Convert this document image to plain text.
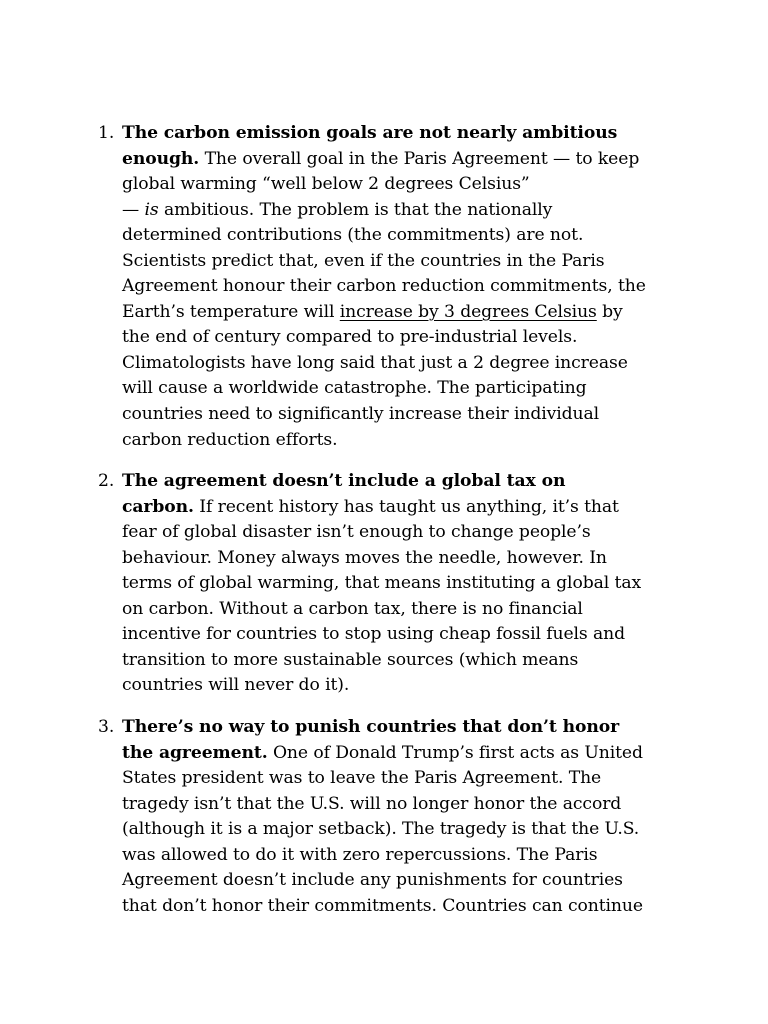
1. The carbon emission goals are not nearly ambitious
enough. The overall goal in the Paris Agreement — to keep
global warming “well below 2 degrees Celsius”
— is ambitious. The problem is that the nationally
determined contributions (the commitments) are not.
Scientists predict that, even if the countries in the Paris
Agreement honour their carbon reduction commitments, the
Earth’s temperature will increase by 3 degrees Celsius by
the end of century compared to pre-industrial levels.
Climatologists have long said that just a 2 degree increase
will cause a worldwide catastrophe. The participating
countries need to significantly increase their individual
carbon reduction efforts.
2. The agreement doesn’t include a global tax on
carbon. If recent history has taught us anything, it’s that
fear of global disaster isn’t enough to change people’s
behaviour. Money always moves the needle, however. In
terms of global warming, that means instituting a global tax
on carbon. Without a carbon tax, there is no financial
incentive for countries to stop using cheap fossil fuels and
transition to more sustainable sources (which means
countries will never do it).
3. There’s no way to punish countries that don’t honor
the agreement. One of Donald Trump’s first acts as United
States president was to leave the Paris Agreement. The
tragedy isn’t that the U.S. will no longer honor the accord
(although it is a major setback). The tragedy is that the U.S.
was allowed to do it with zero repercussions. The Paris
Agreement doesn’t include any punishments for countries
that don’t honor their commitments. Countries can continue
